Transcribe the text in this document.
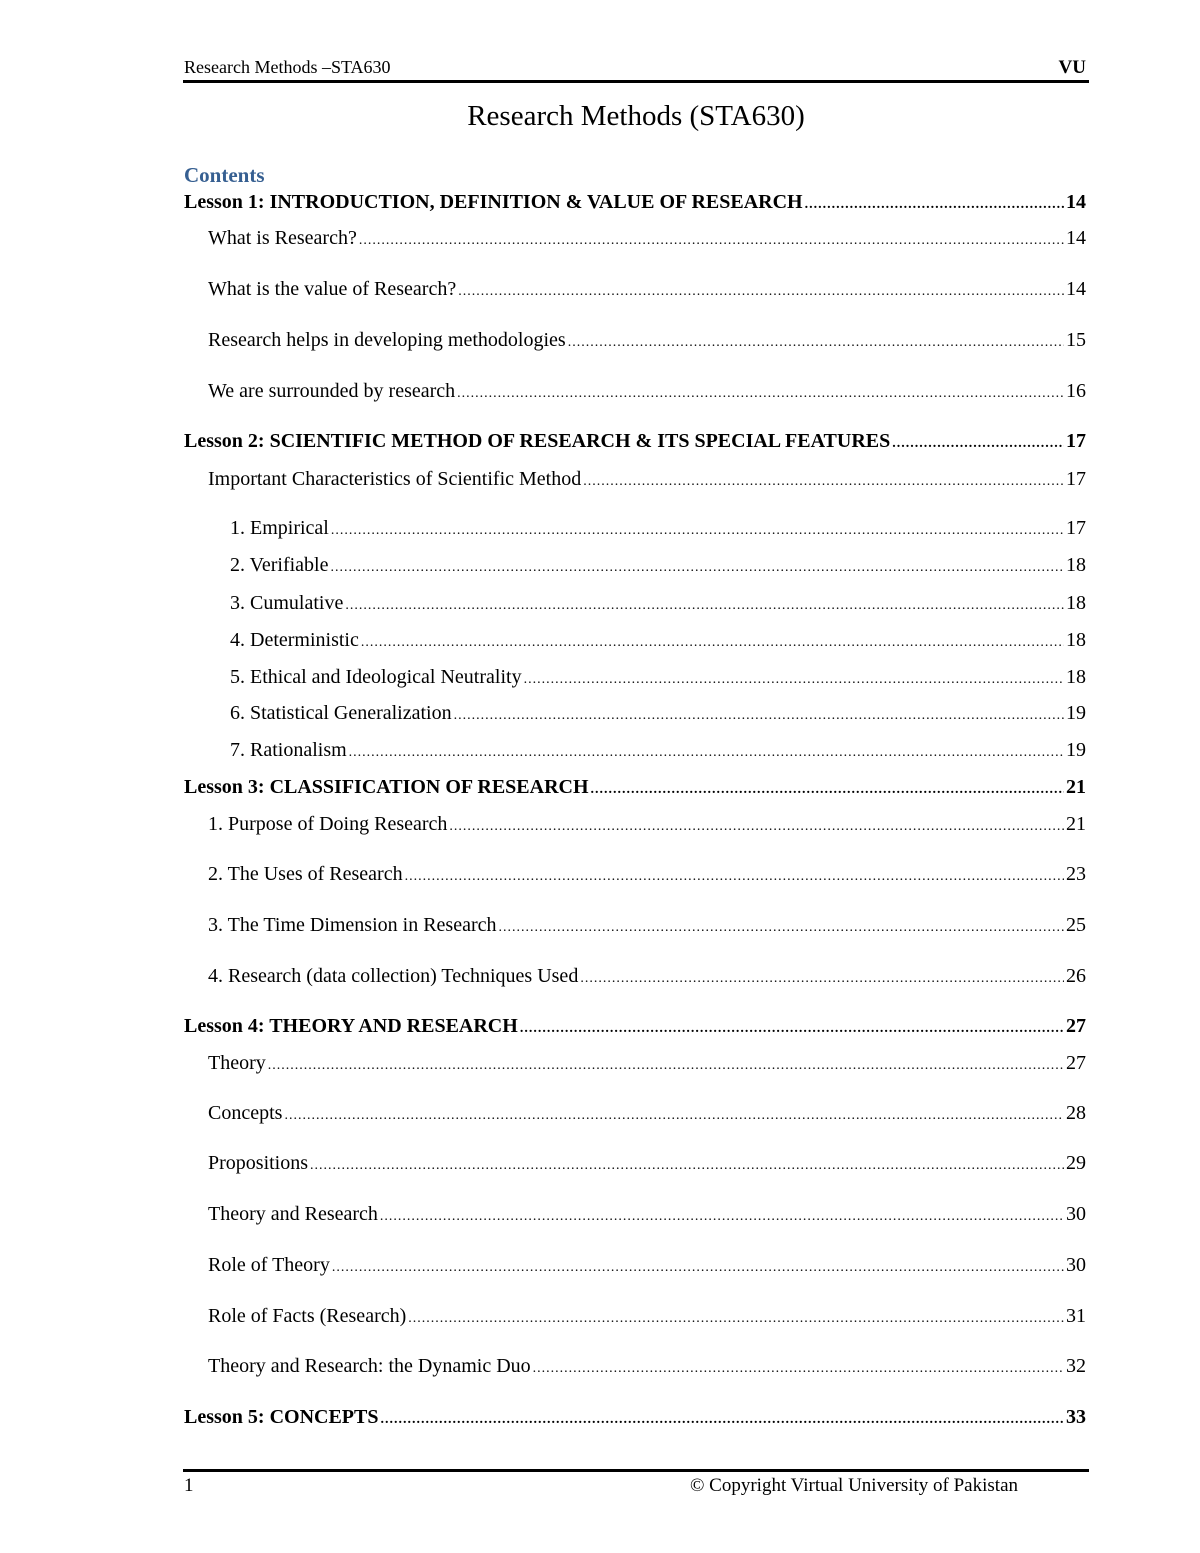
Research Methods –STA630	VU
Research Methods (STA630)
Contents
Lesson 1: INTRODUCTION, DEFINITION & VALUE OF RESEARCH .....	14
What is Research? .....	14
What is the value of Research? .....	14
Research helps in developing methodologies .....	15
We are surrounded by research .....	16
Lesson 2: SCIENTIFIC METHOD OF RESEARCH & ITS SPECIAL FEATURES .....	17
Important Characteristics of Scientific Method .....	17
1. Empirical .....	17
2. Verifiable .....	18
3. Cumulative .....	18
4. Deterministic .....	18
5. Ethical and Ideological Neutrality .....	18
6. Statistical Generalization .....	19
7. Rationalism .....	19
Lesson 3: CLASSIFICATION OF RESEARCH .....	21
1. Purpose of Doing Research .....	21
2. The Uses of Research .....	23
3. The Time Dimension in Research .....	25
4. Research (data collection) Techniques Used .....	26
Lesson 4: THEORY AND RESEARCH .....	27
Theory .....	27
Concepts .....	28
Propositions .....	29
Theory and Research .....	30
Role of Theory .....	30
Role of Facts (Research) .....	31
Theory and Research: the Dynamic Duo .....	32
Lesson 5: CONCEPTS .....	33
1	© Copyright Virtual University of Pakistan
